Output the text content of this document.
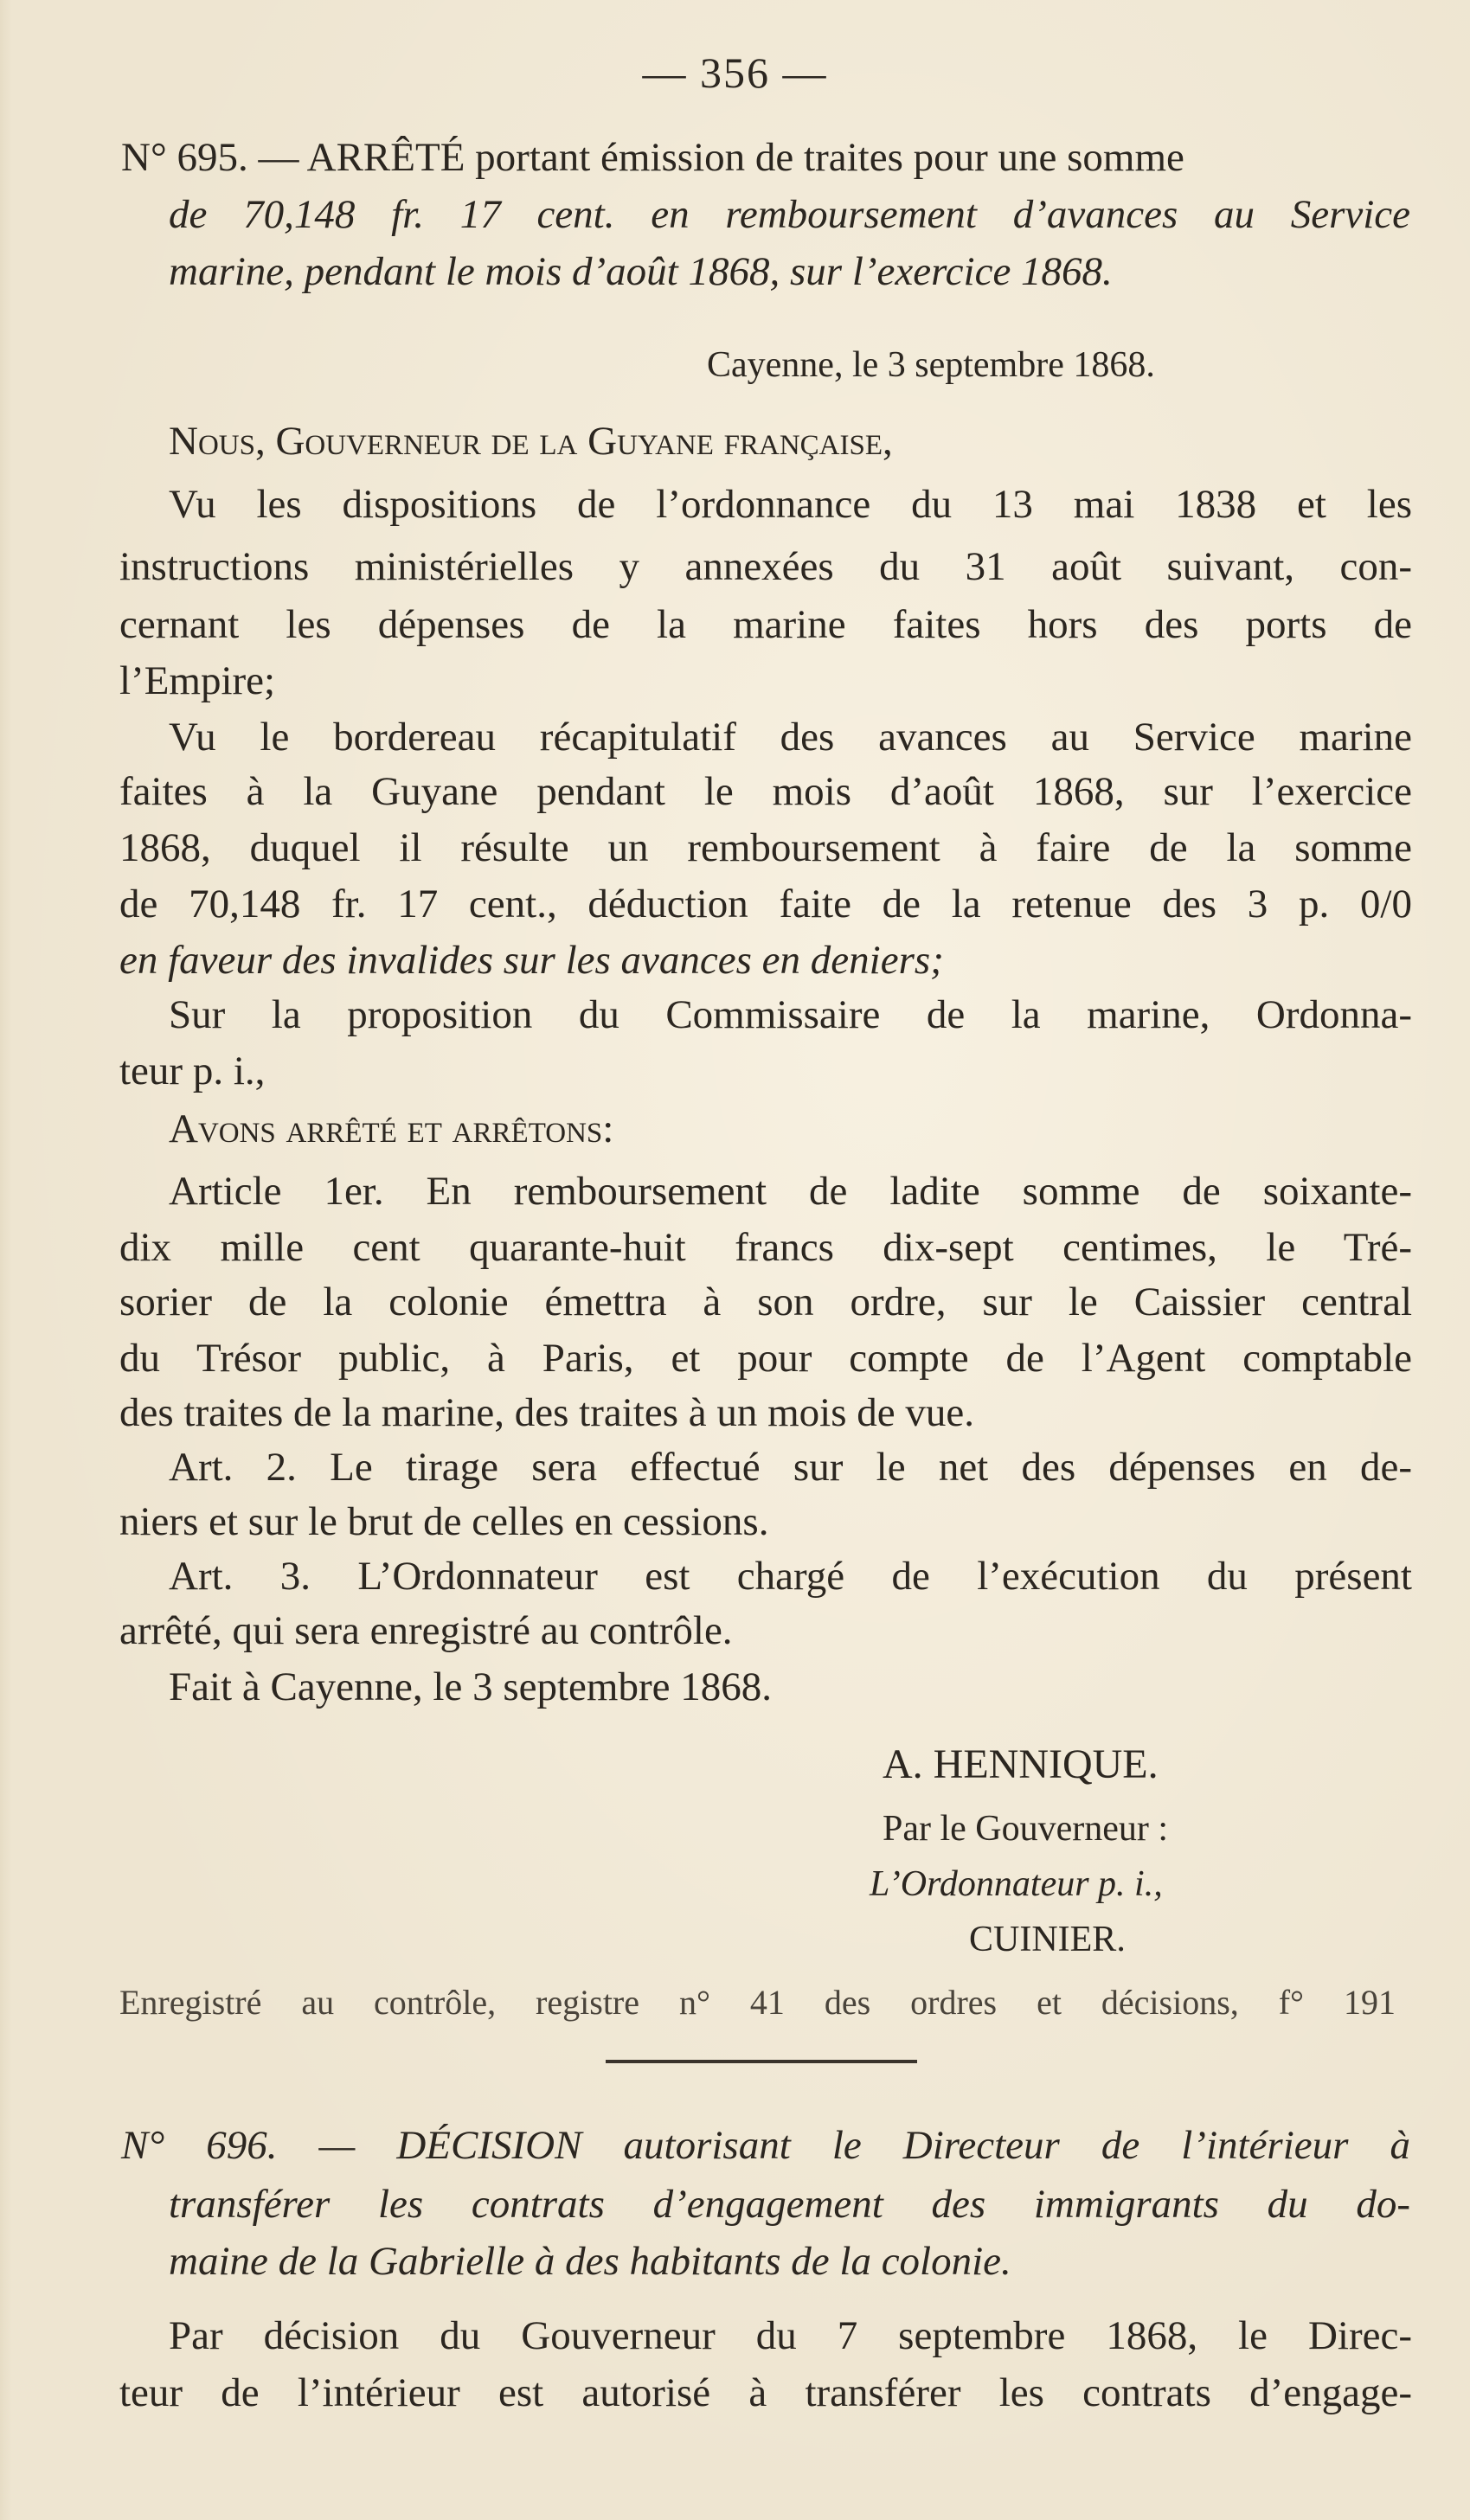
— 356 —
N° 695. — ARRÊTÉ portant émission de traites pour une somme
de 70,148 fr. 17 cent. en remboursement d’avances au Service
marine, pendant le mois d’août 1868, sur l’exercice 1868.
Cayenne, le 3 septembre 1868.
Nous, Gouverneur de la Guyane française,
Vu les dispositions de l’ordonnance du 13 mai 1838 et les
instructions ministérielles y annexées du 31 août suivant, con-
cernant les dépenses de la marine faites hors des ports de
l’Empire;
Vu le bordereau récapitulatif des avances au Service marine
faites à la Guyane pendant le mois d’août 1868, sur l’exercice
1868, duquel il résulte un remboursement à faire de la somme
de 70,148 fr. 17 cent., déduction faite de la retenue des 3 p. 0/0
en faveur des invalides sur les avances en deniers;
Sur la proposition du Commissaire de la marine, Ordonna-
teur p. i.,
Avons arrêté et arrêtons:
Article 1er. En remboursement de ladite somme de soixante-
dix mille cent quarante-huit francs dix-sept centimes, le Tré-
sorier de la colonie émettra à son ordre, sur le Caissier central
du Trésor public, à Paris, et pour compte de l’Agent comptable
des traites de la marine, des traites à un mois de vue.
Art. 2. Le tirage sera effectué sur le net des dépenses en de-
niers et sur le brut de celles en cessions.
Art. 3. L’Ordonnateur est chargé de l’exécution du présent
arrêté, qui sera enregistré au contrôle.
Fait à Cayenne, le 3 septembre 1868.
A. HENNIQUE.
Par le Gouverneur :
L’Ordonnateur p. i.,
CUINIER.
Enregistré au contrôle, registre n° 41 des ordres et décisions, f° 191
N° 696. — DÉCISION autorisant le Directeur de l’intérieur à
transférer les contrats d’engagement des immigrants du do-
maine de la Gabrielle à des habitants de la colonie.
Par décision du Gouverneur du 7 septembre 1868, le Direc-
teur de l’intérieur est autorisé à transférer les contrats d’engage-
